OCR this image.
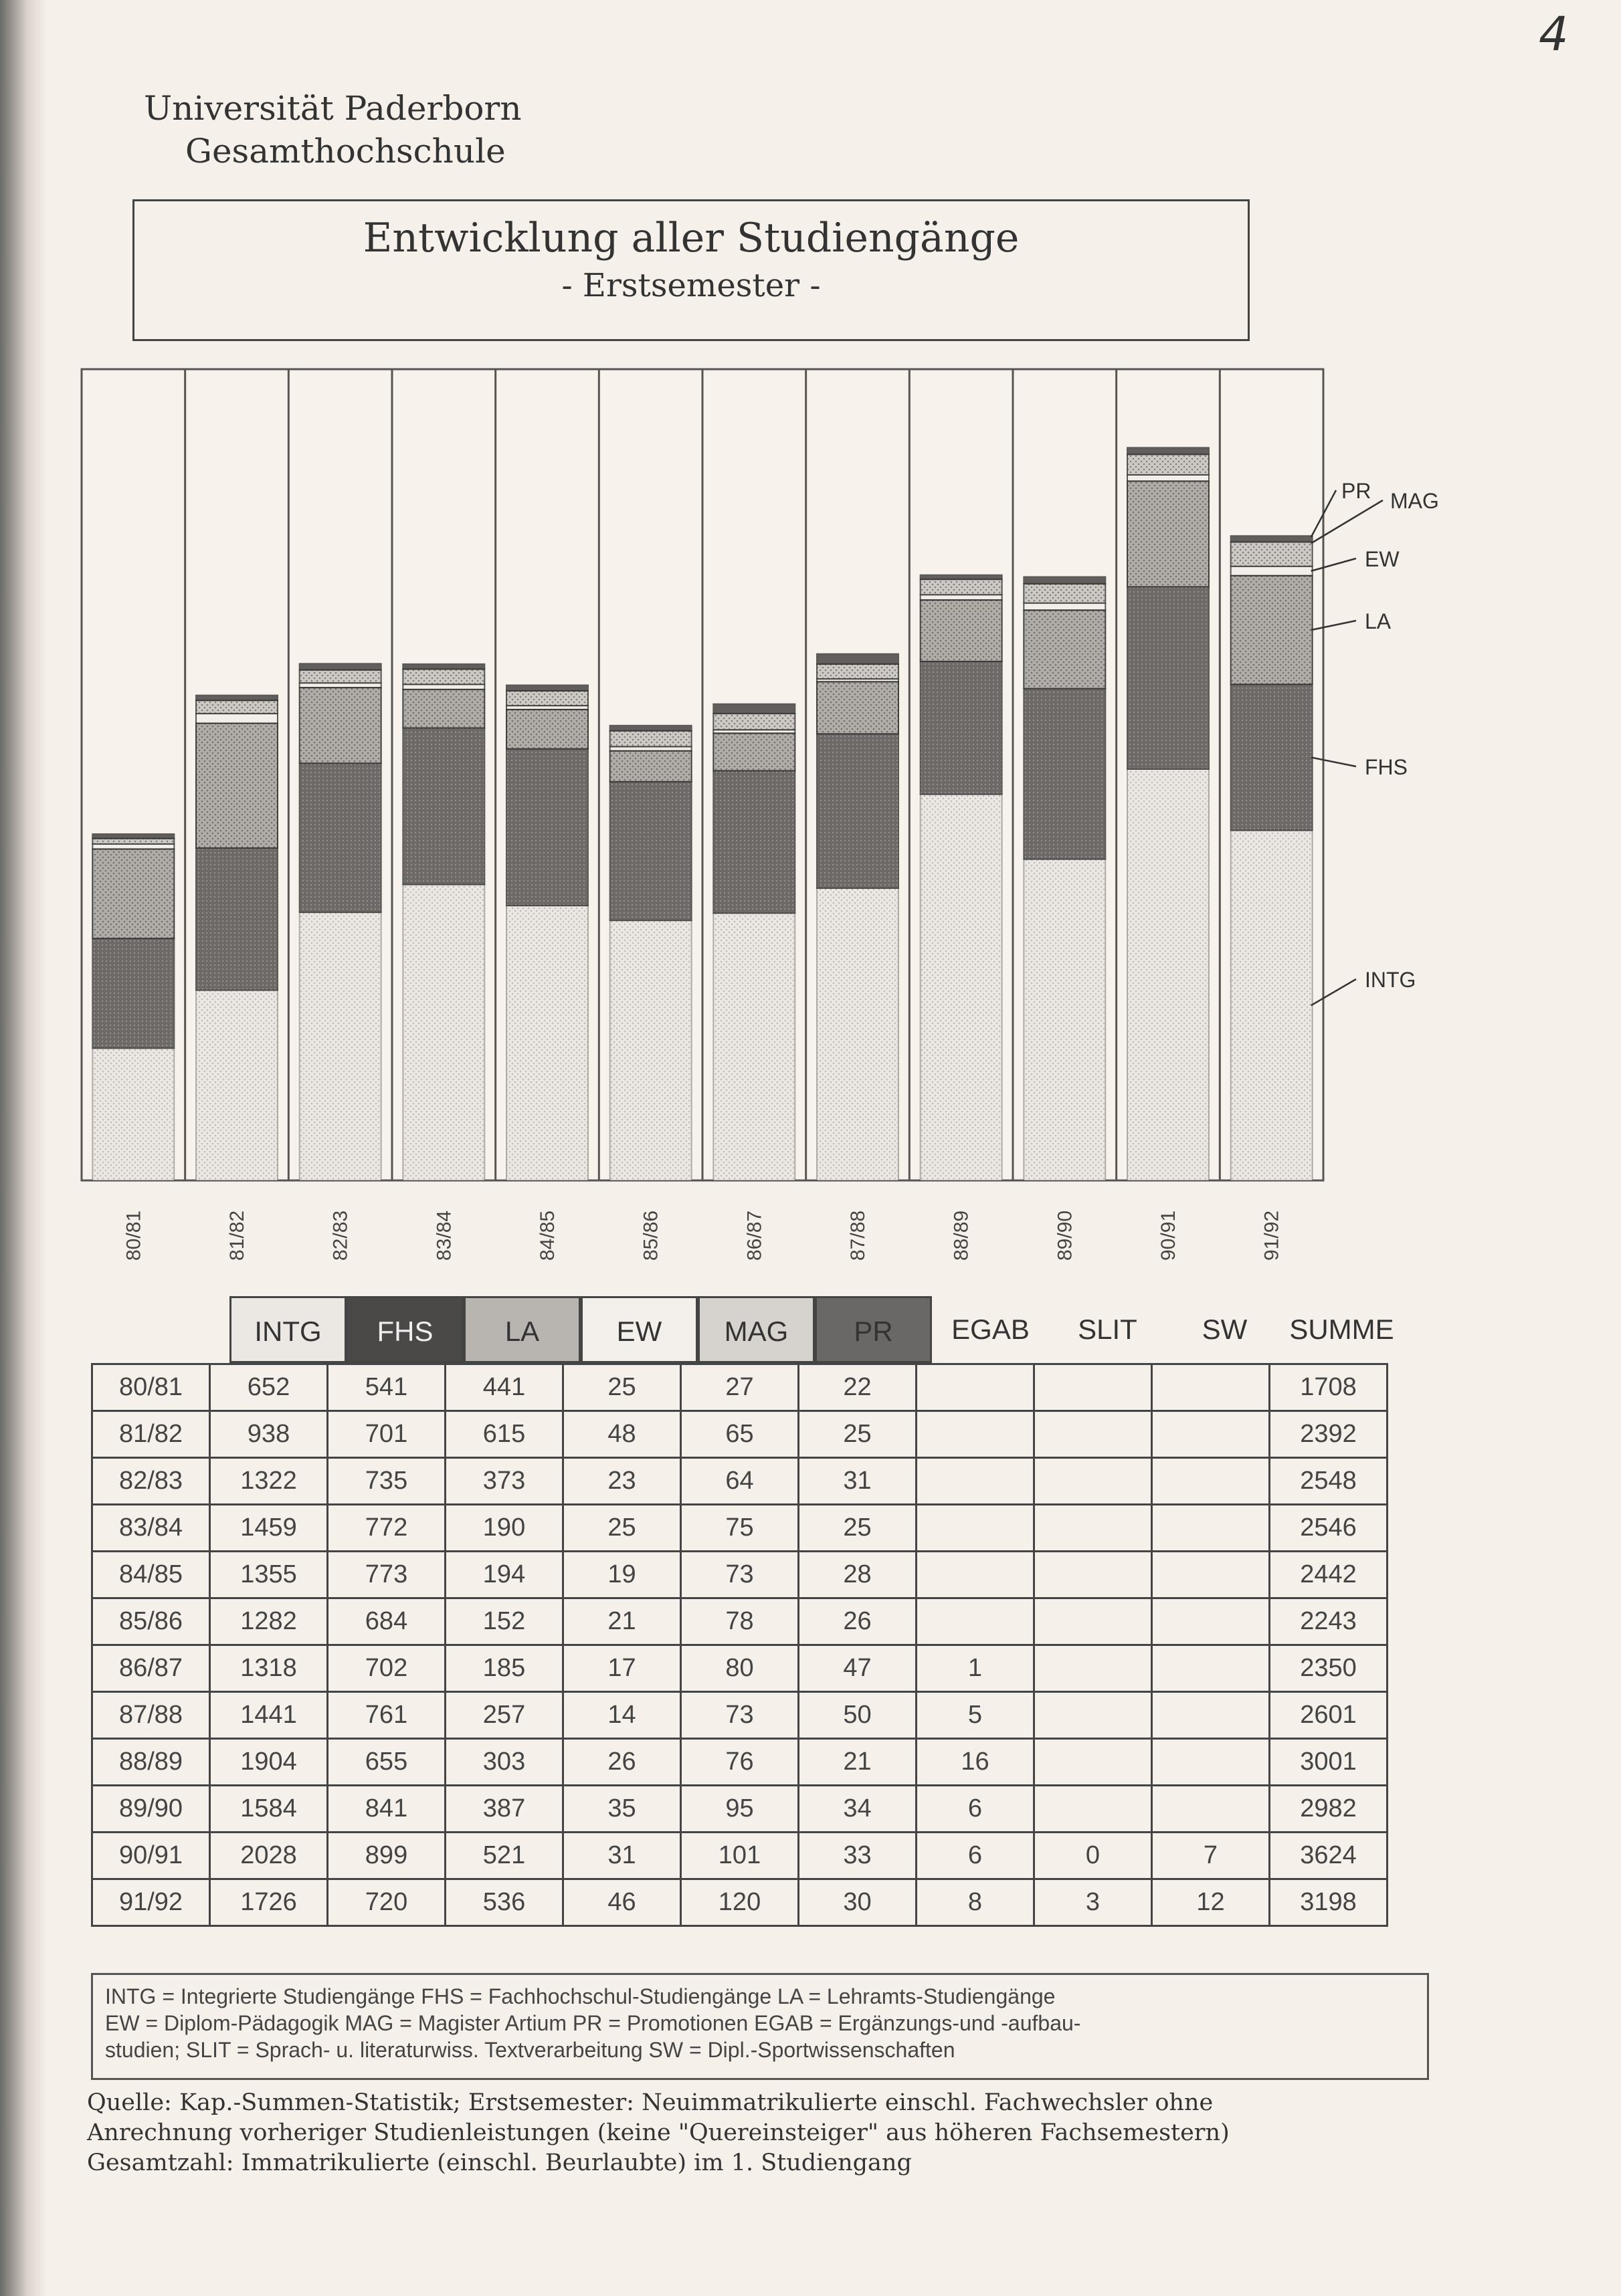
4
Universität Paderborn
Gesamthochschule
Entwicklung aller Studiengänge
- Erstsemester -
80/81	81/82	82/83	83/84	84/85	85/86	86/87	87/88	88/89	89/90	90/91	91/92
PR MAG
EW
LA
FHS
INTG
INTG	FHS	LA	EW	MAG	PR	EGAB	SLIT	SW	SUMME
80/81	652	541	441	25	27	22				1708
81/82	938	701	615	48	65	25				2392
82/83	1322	735	373	23	64	31				2548
83/84	1459	772	190	25	75	25				2546
84/85	1355	773	194	19	73	28				2442
85/86	1282	684	152	21	78	26				2243
86/87	1318	702	185	17	80	47	1			2350
87/88	1441	761	257	14	73	50	5			2601
88/89	1904	655	303	26	76	21	16			3001
89/90	1584	841	387	35	95	34	6			2982
90/91	2028	899	521	31	101	33	6	0	7	3624
91/92	1726	720	536	46	120	30	8	3	12	3198
INTG = Integrierte Studiengänge FHS = Fachhochschul-Studiengänge LA = Lehramts-Studiengänge
EW = Diplom-Pädagogik MAG = Magister Artium PR = Promotionen EGAB = Ergänzungs-und -aufbau-
studien; SLIT = Sprach- u. literaturwiss. Textverarbeitung SW = Dipl.-Sportwissenschaften
Quelle: Kap.-Summen-Statistik; Erstsemester: Neuimmatrikulierte einschl. Fachwechsler ohne
Anrechnung vorheriger Studienleistungen (keine "Quereinsteiger" aus höheren Fachsemestern)
Gesamtzahl: Immatrikulierte (einschl. Beurlaubte) im 1. Studiengang
